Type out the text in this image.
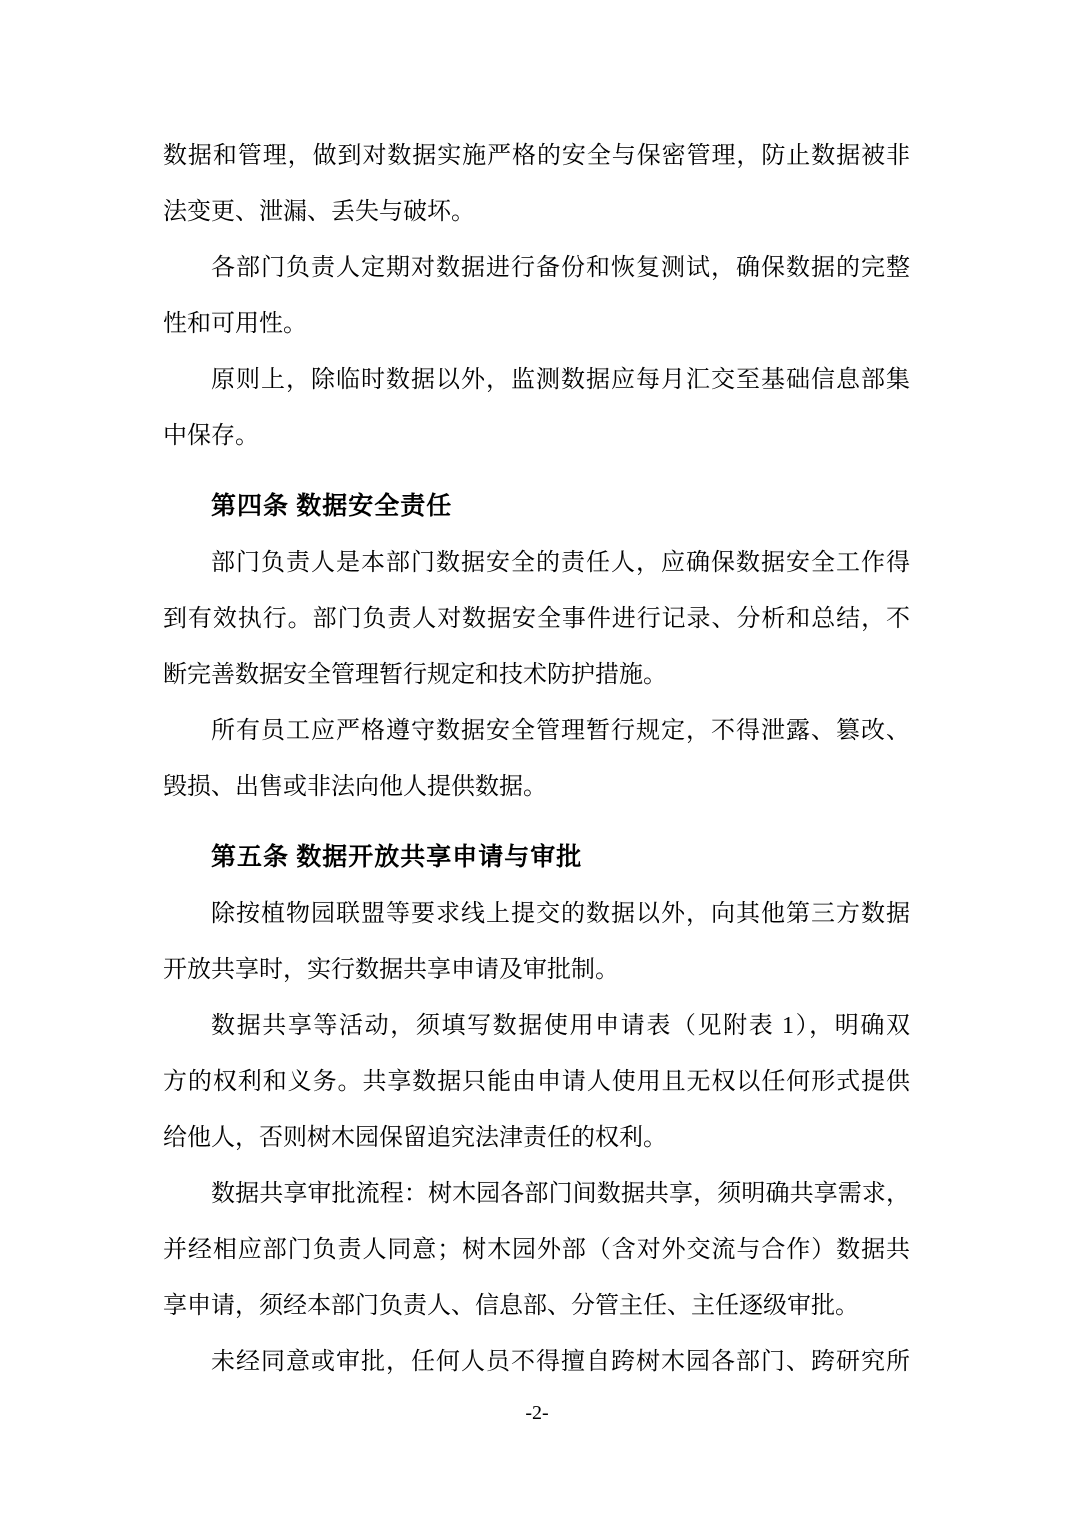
数据和管理，做到对数据实施严格的安全与保密管理，防止数据被非
法变更、泄漏、丢失与破坏。
各部门负责人定期对数据进行备份和恢复测试，确保数据的完整
性和可用性。
原则上，除临时数据以外，监测数据应每月汇交至基础信息部集
中保存。
第四条 数据安全责任
部门负责人是本部门数据安全的责任人，应确保数据安全工作得
到有效执行。部门负责人对数据安全事件进行记录、分析和总结，不
断完善数据安全管理暂行规定和技术防护措施。
所有员工应严格遵守数据安全管理暂行规定，不得泄露、篡改、
毁损、出售或非法向他人提供数据。
第五条 数据开放共享申请与审批
除按植物园联盟等要求线上提交的数据以外，向其他第三方数据
开放共享时，实行数据共享申请及审批制。
数据共享等活动，须填写数据使用申请表（见附表 1），明确双
方的权利和义务。共享数据只能由申请人使用且无权以任何形式提供
给他人，否则树木园保留追究法津责任的权利。
数据共享审批流程：树木园各部门间数据共享，须明确共享需求，
并经相应部门负责人同意；树木园外部（含对外交流与合作）数据共
享申请，须经本部门负责人、信息部、分管主任、主任逐级审批。
未经同意或审批，任何人员不得擅自跨树木园各部门、跨研究所
-2-
